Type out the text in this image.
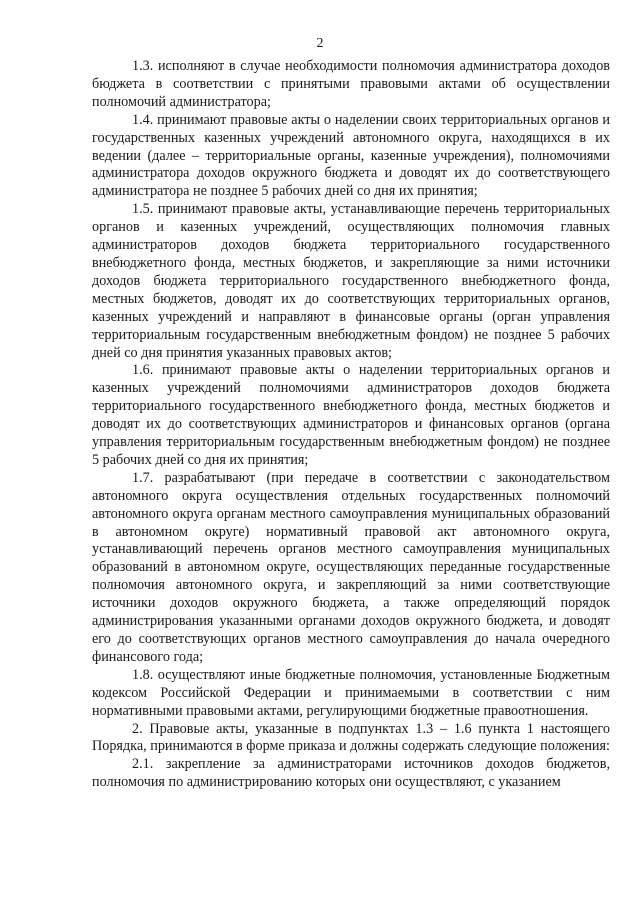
2

1.3. исполняют в случае необходимости полномочия администратора доходов бюджета в соответствии с принятыми правовыми актами об осуществлении полномочий администратора;

1.4. принимают правовые акты о наделении своих территориальных органов и государственных казенных учреждений автономного округа, находящихся в их ведении (далее – территориальные органы, казенные учреждения), полномочиями администратора доходов окружного бюджета и доводят их до соответствующего администратора не позднее 5 рабочих дней со дня их принятия;

1.5. принимают правовые акты, устанавливающие перечень территориальных органов и казенных учреждений, осуществляющих полномочия главных администраторов доходов бюджета территориального государственного внебюджетного фонда, местных бюджетов, и закрепляющие за ними источники доходов бюджета территориального государственного внебюджетного фонда, местных бюджетов, доводят их до соответствующих территориальных органов, казенных учреждений и направляют в финансовые органы (орган управления территориальным государственным внебюджетным фондом) не позднее 5 рабочих дней со дня принятия указанных правовых актов;

1.6. принимают правовые акты о наделении территориальных органов и казенных учреждений полномочиями администраторов доходов бюджета территориального государственного внебюджетного фонда, местных бюджетов и доводят их до соответствующих администраторов и финансовых органов (органа управления территориальным государственным внебюджетным фондом) не позднее 5 рабочих дней со дня их принятия;

1.7. разрабатывают (при передаче в соответствии с законодательством автономного округа осуществления отдельных государственных полномочий автономного округа органам местного самоуправления муниципальных образований в автономном округе) нормативный правовой акт автономного округа, устанавливающий перечень органов местного самоуправления муниципальных образований в автономном округе, осуществляющих переданные государственные полномочия автономного округа, и закрепляющий за ними соответствующие источники доходов окружного бюджета, а также определяющий порядок администрирования указанными органами доходов окружного бюджета, и доводят его до соответствующих органов местного самоуправления до начала очередного финансового года;

1.8. осуществляют иные бюджетные полномочия, установленные Бюджетным кодексом Российской Федерации и принимаемыми в соответствии с ним нормативными правовыми актами, регулирующими бюджетные правоотношения.

2. Правовые акты, указанные в подпунктах 1.3 – 1.6 пункта 1 настоящего Порядка, принимаются в форме приказа и должны содержать следующие положения:

2.1. закрепление за администраторами источников доходов бюджетов, полномочия по администрированию которых они осуществляют, с указанием
